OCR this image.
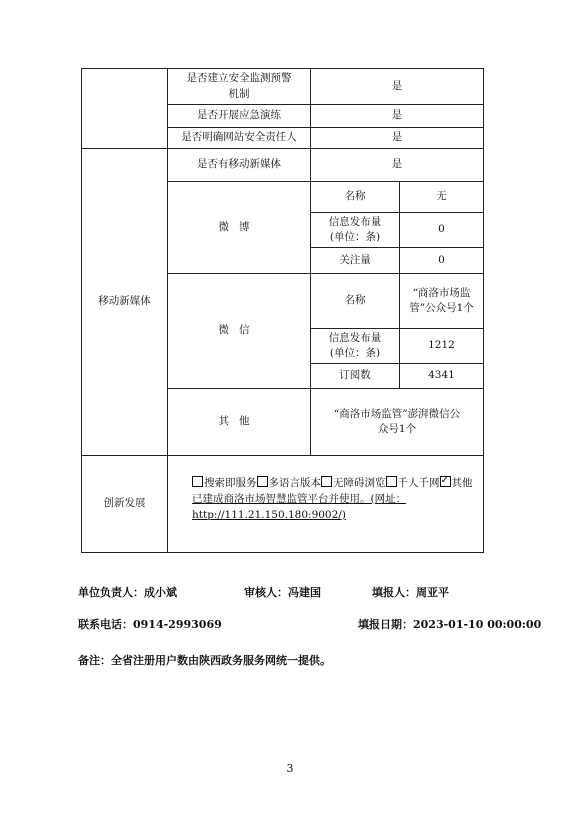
	是否建立安全监测预警机制	是	
	是否开展应急演练	是	
	是否明确网站安全责任人	是	
移动新媒体	是否有移动新媒体	是	
	微博	名称	无
		信息发布量(单位：条)	0
		关注量	0
	微信	名称	“商洛市场监管”公众号1个
		信息发布量(单位：条)	1212
		订阅数	4341
	其他	“商洛市场监管”澎湃微信公众号1个	
创新发展	搜索即服务 多语言版本 无障碍浏览 千人千网✓ 其他
已建成商洛市场智慧监管平台并使用。(网址：http://111.21.150.180:9002/)
单位负责人：成小斌	审核人：冯建国	填报人：周亚平
联系电话：0914-2993069	填报日期：2023-01-10 00:00:00
备注：全省注册用户数由陕西政务服务网统一提供。
3
